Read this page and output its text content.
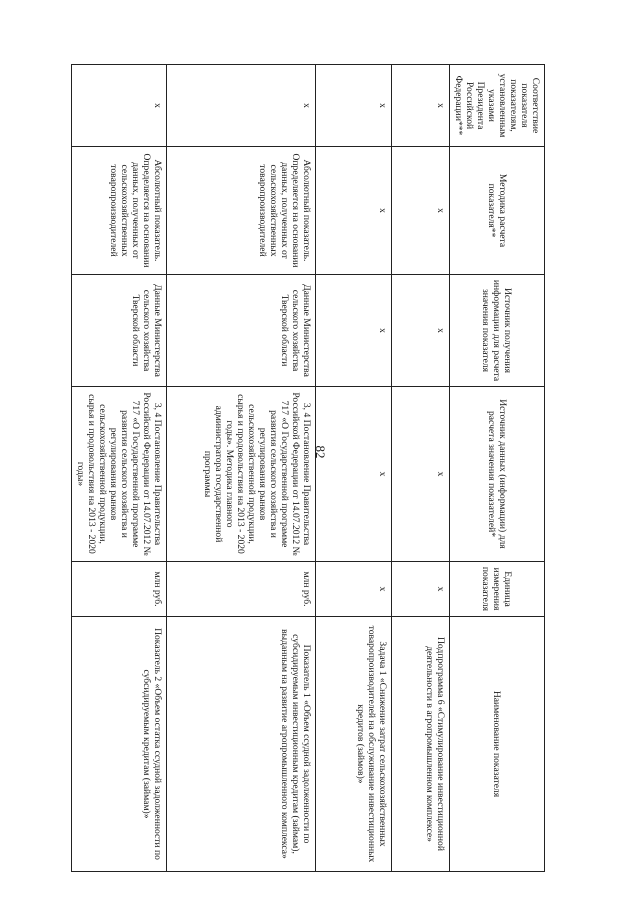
82
Соответствие показателя показателям, установленным указами Президента Российской Федерации***	Методика расчета показателя**	Источник получения информации для расчета значения показателя	Источник данных (информации) для расчета значения показателей*	Единица измерения показателя	Наименование показателя
x	x	x	x	x	Подпрограмма 6 «Стимулирование инвестиционной деятельности в агропромышленном комплексе»
x	x	x	x	x	Задача 1 «Снижение затрат сельскохозяйственных товаропроизводителей на обслуживание инвестиционных кредитов (займов)»
x	Абсолютный показатель. Определяется на основании данных, полученных от сельскохозяйственных товаропроизводителей	Данные Министерства сельского хозяйства Тверской области	3, 4 Постановление Правительства Российской Федерации от 14.07.2012 № 717 «О Государственной программе развития сельского хозяйства и регулирования рынков сельскохозяйственной продукции, сырья и продовольствия на 2013 - 2020 годы». Методика главного администратора государственной программы	млн руб.	Показатель 1 «Объем ссудной задолженности по субсидируемым инвестиционным кредитам (займам), выданным на развитие агропромышленного комплекса»
x	Абсолютный показатель. Определяется на основании данных, полученных от сельскохозяйственных товаропроизводителей	Данные Министерства сельского хозяйства Тверской области	3, 4 Постановление Правительства Российской Федерации от 14.07.2012 № 717 «О Государственной программе развития сельского хозяйства и регулирования рынков сельскохозяйственной продукции, сырья и продовольствия на 2013 - 2020 годы»	млн руб.	Показатель 2 «Объем остатка ссудной задолженности по субсидируемым кредитам (займам)»
